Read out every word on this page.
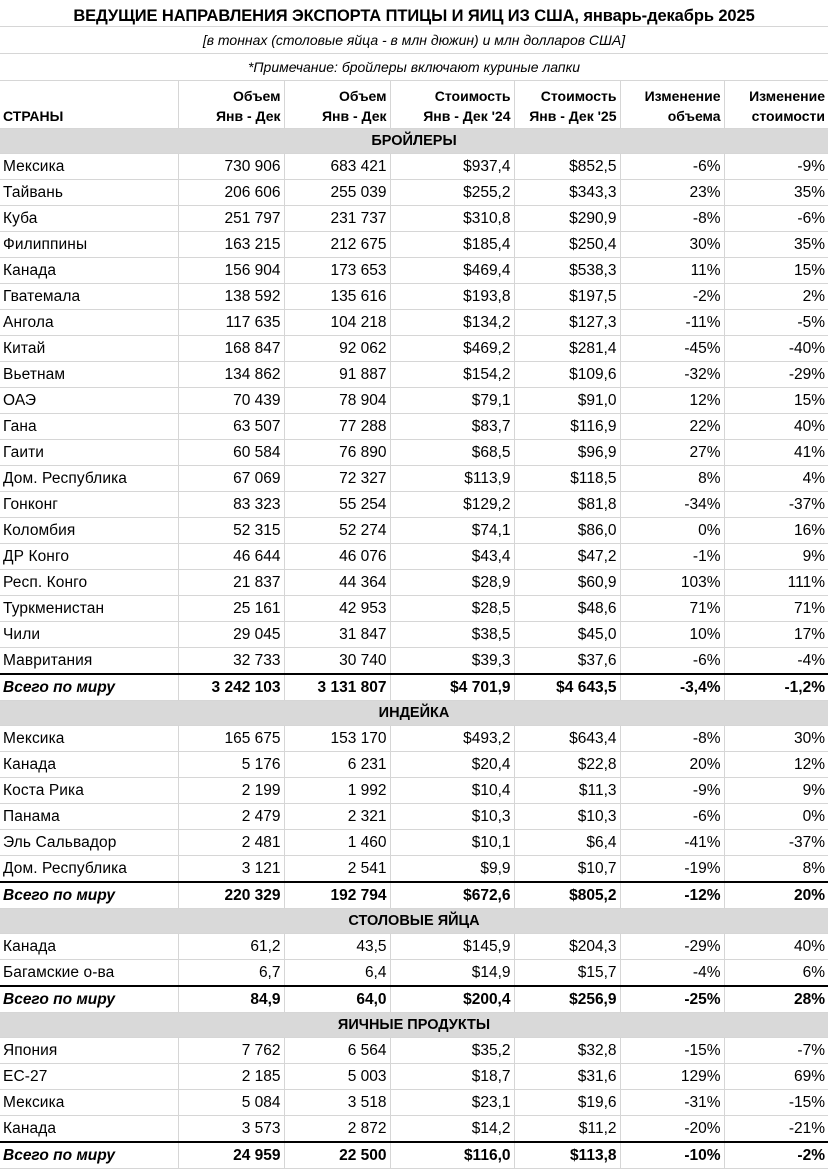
ВЕДУЩИЕ НАПРАВЛЕНИЯ ЭКСПОРТА ПТИЦЫ И ЯИЦ ИЗ США, январь-декабрь 2025
[в тоннах (столовые яйца - в млн дюжин) и млн долларов США]
*Примечание: бройлеры включают куриные лапки
	Объем	Объем	Стоимость	Стоимость	Изменение	Изменение
СТРАНЫ	Янв - Дек	Янв - Дек	Янв - Дек '24	Янв - Дек '25	объема	стоимости
БРОЙЛЕРЫ						
Мексика	730 906	683 421	$937,4	$852,5	-6%	-9%
Тайвань	206 606	255 039	$255,2	$343,3	23%	35%
Куба	251 797	231 737	$310,8	$290,9	-8%	-6%
Филиппины	163 215	212 675	$185,4	$250,4	30%	35%
Канада	156 904	173 653	$469,4	$538,3	11%	15%
Гватемала	138 592	135 616	$193,8	$197,5	-2%	2%
Ангола	117 635	104 218	$134,2	$127,3	-11%	-5%
Китай	168 847	92 062	$469,2	$281,4	-45%	-40%
Вьетнам	134 862	91 887	$154,2	$109,6	-32%	-29%
ОАЭ	70 439	78 904	$79,1	$91,0	12%	15%
Гана	63 507	77 288	$83,7	$116,9	22%	40%
Гаити	60 584	76 890	$68,5	$96,9	27%	41%
Дом. Республика	67 069	72 327	$113,9	$118,5	8%	4%
Гонконг	83 323	55 254	$129,2	$81,8	-34%	-37%
Коломбия	52 315	52 274	$74,1	$86,0	0%	16%
ДР Конго	46 644	46 076	$43,4	$47,2	-1%	9%
Респ. Конго	21 837	44 364	$28,9	$60,9	103%	111%
Туркменистан	25 161	42 953	$28,5	$48,6	71%	71%
Чили	29 045	31 847	$38,5	$45,0	10%	17%
Мавритания	32 733	30 740	$39,3	$37,6	-6%	-4%
Всего по миру	3 242 103	3 131 807	$4 701,9	$4 643,5	-3,4%	-1,2%
ИНДЕЙКА						
Мексика	165 675	153 170	$493,2	$643,4	-8%	30%
Канада	5 176	6 231	$20,4	$22,8	20%	12%
Коста Рика	2 199	1 992	$10,4	$11,3	-9%	9%
Панама	2 479	2 321	$10,3	$10,3	-6%	0%
Эль Сальвадор	2 481	1 460	$10,1	$6,4	-41%	-37%
Дом. Республика	3 121	2 541	$9,9	$10,7	-19%	8%
Всего по миру	220 329	192 794	$672,6	$805,2	-12%	20%
СТОЛОВЫЕ ЯЙЦА						
Канада	61,2	43,5	$145,9	$204,3	-29%	40%
Багамские о-ва	6,7	6,4	$14,9	$15,7	-4%	6%
Всего по миру	84,9	64,0	$200,4	$256,9	-25%	28%
ЯИЧНЫЕ ПРОДУКТЫ						
Япония	7 762	6 564	$35,2	$32,8	-15%	-7%
ЕС-27	2 185	5 003	$18,7	$31,6	129%	69%
Мексика	5 084	3 518	$23,1	$19,6	-31%	-15%
Канада	3 573	2 872	$14,2	$11,2	-20%	-21%
Всего по миру	24 959	22 500	$116,0	$113,8	-10%	-2%
